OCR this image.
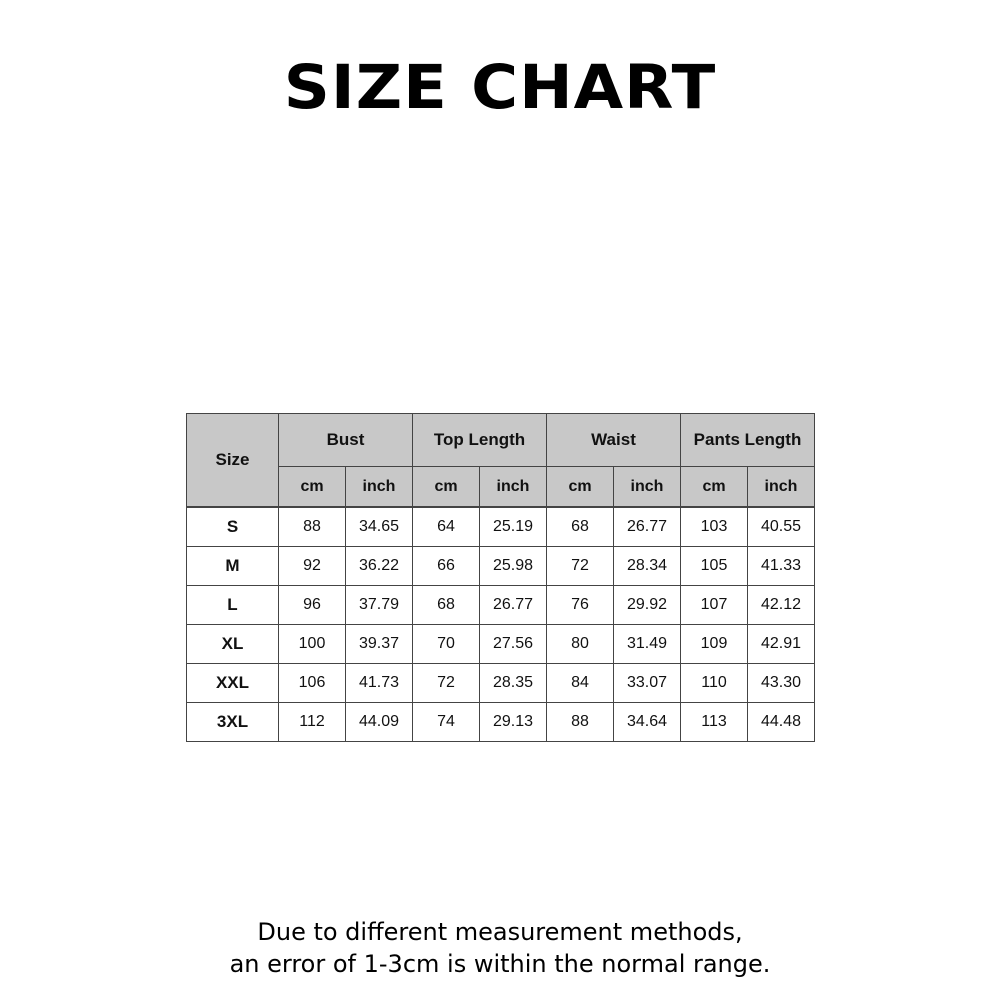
SIZE CHART
Size	Bust		Top Length		Waist		Pants Length	
	cm	inch	cm	inch	cm	inch	cm	inch
S	88	34.65	64	25.19	68	26.77	103	40.55
M	92	36.22	66	25.98	72	28.34	105	41.33
L	96	37.79	68	26.77	76	29.92	107	42.12
XL	100	39.37	70	27.56	80	31.49	109	42.91
XXL	106	41.73	72	28.35	84	33.07	110	43.30
3XL	112	44.09	74	29.13	88	34.64	113	44.48
Due to different measurement methods,
an error of 1-3cm is within the normal range.
